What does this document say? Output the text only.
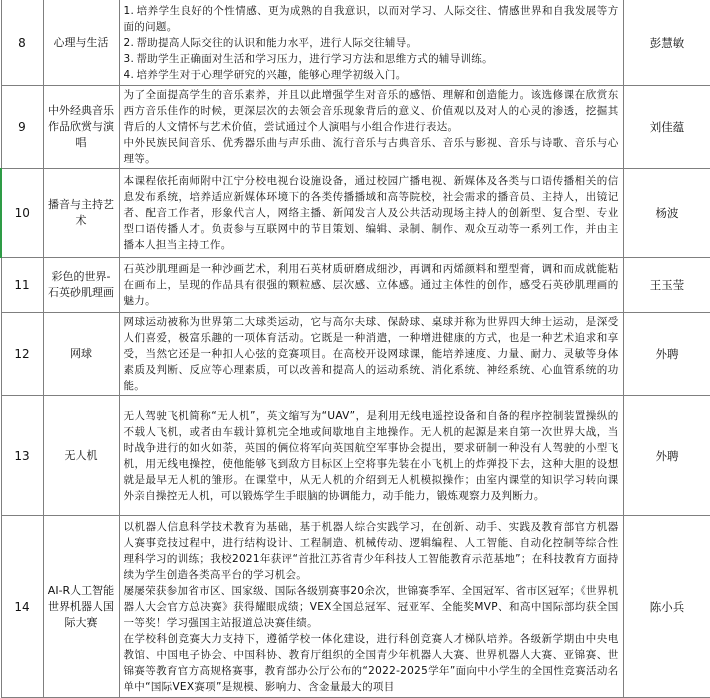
8	心理与生活	1. 培养学生良好的个性情感、更为成熟的自我意识，以而对学习、人际交往、情感世界和自我发展等方面的问题。
2. 帮助提高人际交往的认识和能力水平，进行人际交往辅导。
3. 帮助学生正确面对生活和学习压力，进行学习方法和思维方式的辅导训练。
4. 培养学生对于心理学研究的兴趣，能够心理学初级入门。	彭慧敏
9	中外经典音乐作品欣赏与演唱	为了全面提高学生的音乐素养，并且以此增强学生对音乐的感悟、理解和创造能力。该选修课在欣赏东西方音乐佳作的时候，更深层次的去领会音乐现象背后的意义、价值观以及对人的心灵的渗透，挖掘其背后的人文情怀与艺术价值，尝试通过个人演唱与小组合作进行表达。
中外民族民间音乐、优秀器乐曲与声乐曲、流行音乐与古典音乐、音乐与影视、音乐与诗歌、音乐与心理等。	刘佳蕴
10	播音与主持艺术	本课程依托南师附中江宁分校电视台设施设备，通过校园广播电视、新媒体及各类与口语传播相关的信息发布系统，培养适应新媒体环境下的各类传播播域和高等院校，社会需求的播音员、主持人，出镜记者、配音工作者，形象代言人，网络主播、新闻发言人及公共活动现场主持人的创新型、复合型、专业型口语传播人才。负责参与互联网中的节目策划、编辑、录制、制作、观众互动等一系列工作，并由主播本人担当主持工作。	杨波
11	彩色的世界-石英砂肌理画	石英沙肌理画是一种沙画艺术，利用石英材质研磨成细沙，再调和丙烯颜料和塑型膏，调和而成就能粘在画布上，呈现的作品具有很强的颗粒感、层次感、立体感。通过主体性的创作，感受石英砂肌理画的魅力。	王玉莹
12	网球	网球运动被称为世界第二大球类运动，它与高尔夫球、保龄球、桌球并称为世界四大绅士运动，是深受人们喜爱，极富乐趣的一项体育活动。它既是一种消遣，一种增进健康的方式，也是一种艺术追求和享受，当然它还是一种扣人心弦的竞赛项目。在高校开设网球课，能培养速度、力量、耐力、灵敏等身体素质及判断、反应等心理素质，可以改善和提高人的运动系统、消化系统、神经系统、心血管系统的功能。	外聘
13	无人机	无人驾驶飞机简称“无人机”，英文缩写为“UAV”，是利用无线电遥控设备和自备的程序控制装置操纵的不载人飞机，或者由车载计算机完全地或间歇地自主地操作。无人机的起源是来自第一次世界大战，当时战争进行的如火如荼，英国的俩位将军向英国航空军事协会提出，要求研制一种没有人驾驶的小型飞机，用无线电操控，使他能够飞到敌方目标区上空将事先装在小飞机上的炸弹投下去，这种大胆的设想就是最早无人机的雏形。在课堂中，从无人机的介绍到无人机模拟操作；由室内课堂的知识学习转向课外亲自操控无人机，可以锻炼学生手眼脑的协调能力，动手能力，锻炼观察力及判断力。	外聘
14	AI-R人工智能世界机器人国际大赛	以机器人信息科学技术教育为基础，基于机器人综合实践学习，在创新、动手、实践及教育部官方机器人赛事竞技过程中，进行结构设计、工程制造、机械传动、逻辑编程、人工智能、自动化控制等综合性理科学习的训练；我校2021年获评“首批江苏省青少年科技人工智能教育示范基地”；在科技教育方面持续为学生创造各类高平台的学习机会。
屡屡荣获参加省市区、国家级、国际各级别赛事20余次，世锦赛季军、全国冠军、省市区冠军；《世界机器人大会官方总决赛》获得耀眼成绩；VEX全国总冠军、冠亚军、全能奖MVP、和高中国际部均获全国一等奖！学习强国主站报道总决赛佳绩。
在学校科创竞赛大力支持下，遵循学校一体化建设，进行科创竞赛人才梯队培养。各级新学期由中央电教馆、中国电子协会、中国科协、教育厅组织的全国青少年机器人大赛、世界机器人大赛、亚锦赛、世锦赛等教育官方高规格赛事，教育部办公厅公布的“2022-2025学年”面向中小学生的全国性竞赛活动名单中“国际VEX赛项”是规模、影响力、含金量最大的项目	陈小兵
